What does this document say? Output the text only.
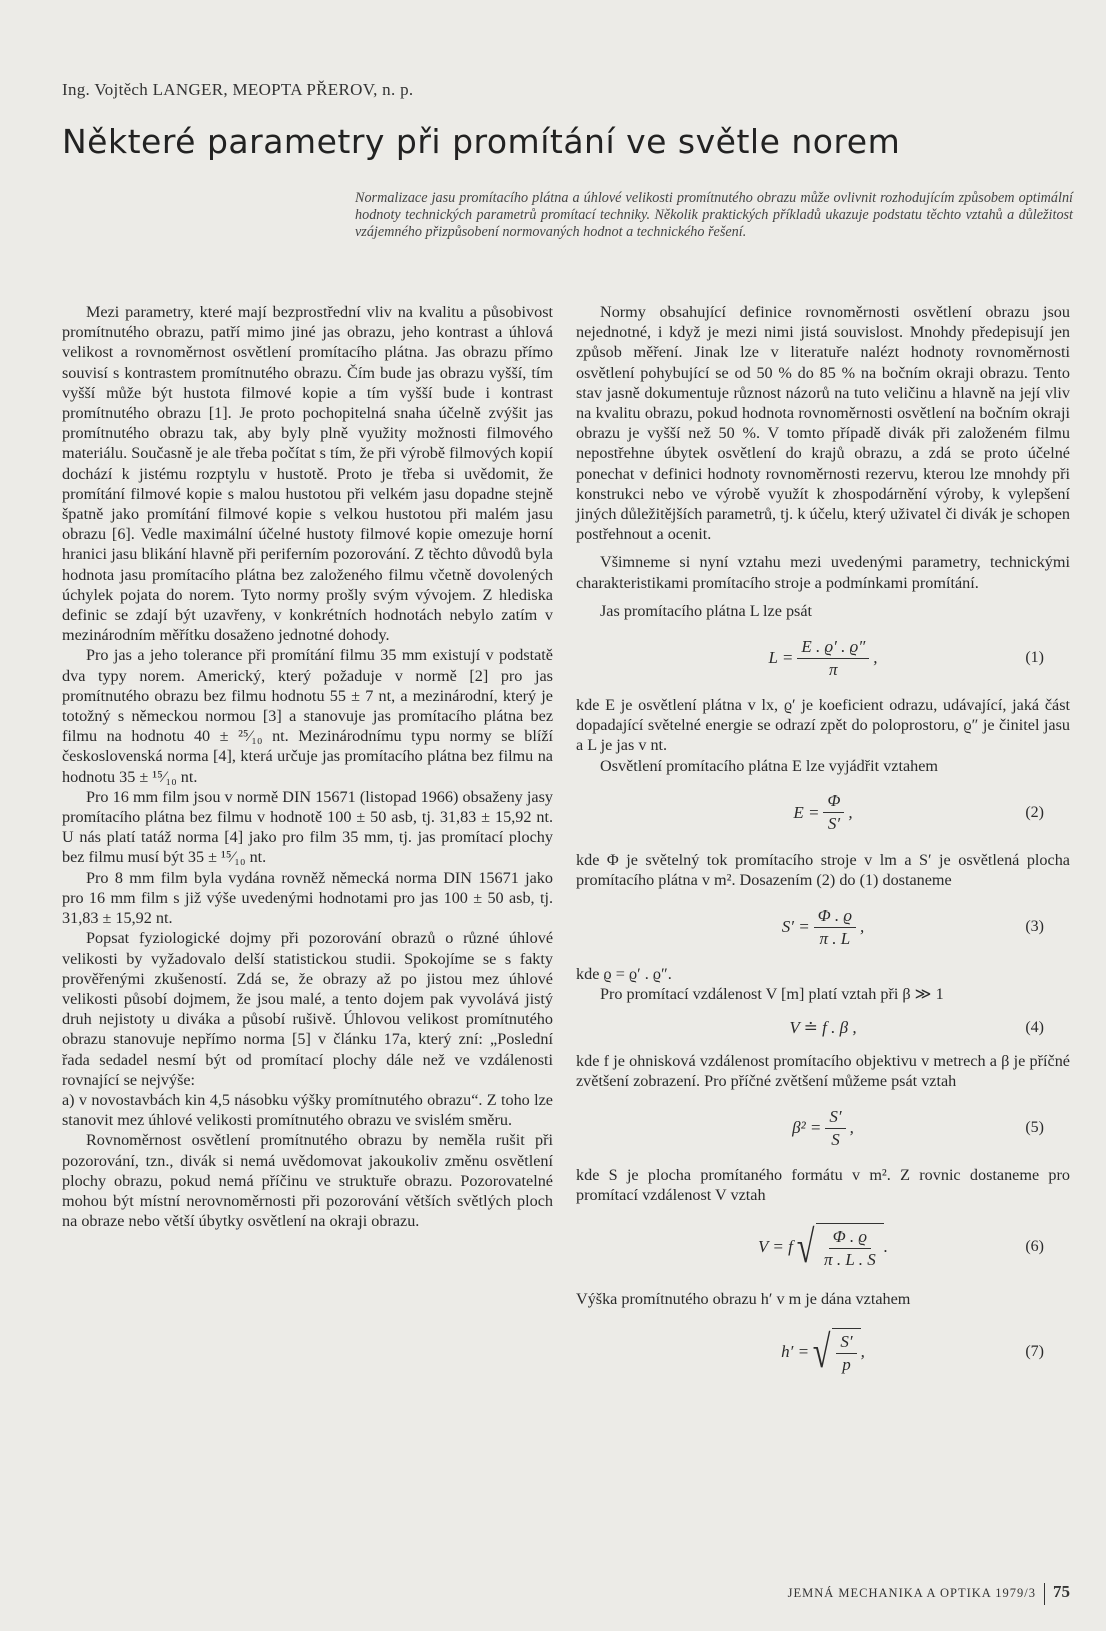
Ing. Vojtěch LANGER, MEOPTA PŘEROV, n. p.
Některé parametry při promítání ve světle norem

Normalizace jasu promítacího plátna a úhlové velikosti promítnutého obrazu může ovlivnit rozhodujícím způsobem optimální hodnoty technických parametrů promítací techniky. Několik praktických příkladů ukazuje podstatu těchto vztahů a důležitost vzájemného přizpůsobení normovaných hodnot a technického řešení.

Mezi parametry, které mají bezprostřední vliv na kvalitu a působivost promítnutého obrazu, patří mimo jiné jas obrazu, jeho kontrast a úhlová velikost a rovnoměrnost osvětlení promítacího plátna. Jas obrazu přímo souvisí s kontrastem promítnutého obrazu. Čím bude jas obrazu vyšší, tím vyšší může být hustota filmové kopie a tím vyšší bude i kontrast promítnutého obrazu [1]. Je proto pochopitelná snaha účelně zvýšit jas promítnutého obrazu tak, aby byly plně využity možnosti filmového materiálu. Současně je ale třeba počítat s tím, že při výrobě filmových kopií dochází k jistému rozptylu v hustotě. Proto je třeba si uvědomit, že promítání filmové kopie s malou hustotou při velkém jasu dopadne stejně špatně jako promítání filmové kopie s velkou hustotou při malém jasu obrazu [6]. Vedle maximální účelné hustoty filmové kopie omezuje horní hranici jasu blikání hlavně při periferním pozorování. Z těchto důvodů byla hodnota jasu promítacího plátna bez založeného filmu včetně dovolených úchylek pojata do norem. Tyto normy prošly svým vývojem. Z hlediska definic se zdají být uzavřeny, v konkrétních hodnotách nebylo zatím v mezinárodním měřítku dosaženo jednotné dohody.

Pro jas a jeho tolerance při promítání filmu 35 mm existují v podstatě dva typy norem. Americký, který požaduje v normě [2] pro jas promítnutého obrazu bez filmu hodnotu 55 ± 7 nt, a mezinárodní, který je totožný s německou normou [3] a stanovuje jas promítacího plátna bez filmu na hodnotu 40 ± ²⁵⁄₁₀ nt. Mezinárodnímu typu normy se blíží československá norma [4], která určuje jas promítacího plátna bez filmu na hodnotu 35 ± ¹⁵⁄₁₀ nt.

Pro 16 mm film jsou v normě DIN 15671 (listopad 1966) obsaženy jasy promítacího plátna bez filmu v hodnotě 100 ± 50 asb, tj. 31,83 ± 15,92 nt. U nás platí tatáž norma [4] jako pro film 35 mm, tj. jas promítací plochy bez filmu musí být 35 ± ¹⁵⁄₁₀ nt.

Pro 8 mm film byla vydána rovněž německá norma DIN 15671 jako pro 16 mm film s již výše uvedenými hodnotami pro jas 100 ± 50 asb, tj. 31,83 ± 15,92 nt.

Popsat fyziologické dojmy při pozorování obrazů o různé úhlové velikosti by vyžadovalo delší statistickou studii. Spokojíme se s fakty prověřenými zkušeností. Zdá se, že obrazy až po jistou mez úhlové velikosti působí dojmem, že jsou malé, a tento dojem pak vyvolává jistý druh nejistoty u diváka a působí rušivě. Úhlovou velikost promítnutého obrazu stanovuje nepřímo norma [5] v článku 17a, který zní: „Poslední řada sedadel nesmí být od promítací plochy dále než ve vzdálenosti rovnající se nejvýše:

a) v novostavbách kin 4,5 násobku výšky promítnutého obrazu“. Z toho lze stanovit mez úhlové velikosti promítnutého obrazu ve svislém směru.

Rovnoměrnost osvětlení promítnutého obrazu by neměla rušit při pozorování, tzn., divák si nemá uvědomovat jakoukoliv změnu osvětlení plochy obrazu, pokud nemá příčinu ve struktuře obrazu. Pozorovatelné mohou být místní nerovnoměrnosti při pozorování větších světlých ploch na obraze nebo větší úbytky osvětlení na okraji obrazu.

Normy obsahující definice rovnoměrnosti osvětlení obrazu jsou nejednotné, i když je mezi nimi jistá souvislost. Mnohdy předepisují jen způsob měření. Jinak lze v literatuře nalézt hodnoty rovnoměrnosti osvětlení pohybující se od 50 % do 85 % na bočním okraji obrazu. Tento stav jasně dokumentuje různost názorů na tuto veličinu a hlavně na její vliv na kvalitu obrazu, pokud hodnota rovnoměrnosti osvětlení na bočním okraji obrazu je vyšší než 50 %. V tomto případě divák při založeném filmu nepostřehne úbytek osvětlení do krajů obrazu, a zdá se proto účelné ponechat v definici hodnoty rovnoměrnosti rezervu, kterou lze mnohdy při konstrukci nebo ve výrobě využít k zhospodárnění výroby, k vylepšení jiných důležitějších parametrů, tj. k účelu, který uživatel či divák je schopen postřehnout a ocenit.

Všimneme si nyní vztahu mezi uvedenými parametry, technickými charakteristikami promítacího stroje a podmínkami promítání.

Jas promítacího plátna L lze psát

$L = \frac{E . ϱ' . ϱ''}{\pi}$ ,	(1)

kde E je osvětlení plátna v lx, ϱ′ je koeficient odrazu, udávající, jaká část dopadající světelné energie se odrazí zpět do poloprostoru, ϱ″ je činitel jasu a L je jas v nt.

Osvětlení promítacího plátna E lze vyjádřit vztahem

$E = \frac{\Phi}{S'}$ ,	(2)

kde Φ je světelný tok promítacího stroje v lm a S′ je osvětlená plocha promítacího plátna v m². Dosazením (2) do (1) dostaneme

$S' = \frac{\Phi . ϱ}{\pi . L}$ ,	(3)

kde ϱ = ϱ′ . ϱ″.

Pro promítací vzdálenost V [m] platí vztah při β ≫ 1

V ≐ f . β ,	(4)

kde f je ohnisková vzdálenost promítacího objektivu v metrech a β je příčné zvětšení zobrazení. Pro příčné zvětšení můžeme psát vztah

$\beta^2 = \frac{S'}{S}$ ,	(5)

kde S je plocha promítaného formátu v m². Z rovnic dostaneme pro promítací vzdálenost V vztah

V = f √ $\frac{\Phi . ϱ}{\pi . L . S}$ .	(6)

Výška promítnutého obrazu h′ v m je dána vztahem

h′ = √ $\frac{S'}{p}$ ,	(7)
JEMNÁ MECHANIKA A OPTIKA 1979/3 75
